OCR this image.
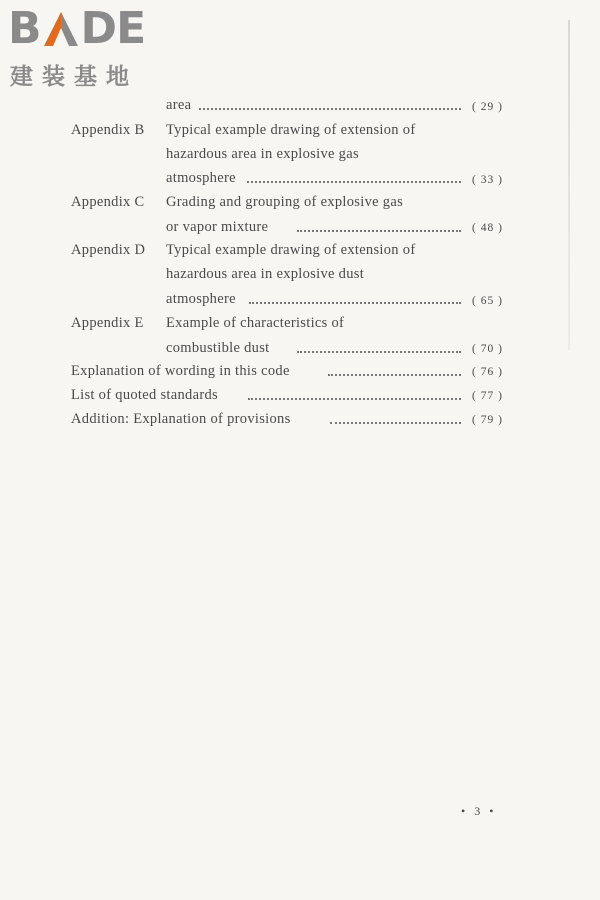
B DE
建装基地
area	( 29 )
Appendix B Typical example drawing of extension of
hazardous area in explosive gas
atmosphere	( 33 )
Appendix C Grading and grouping of explosive gas
or vapor mixture	( 48 )
Appendix D Typical example drawing of extension of
hazardous area in explosive dust
atmosphere	( 65 )
Appendix E Example of characteristics of
combustible dust	( 70 )
Explanation of wording in this code	( 76 )
List of quoted standards	( 77 )
Addition: Explanation of provisions	( 79 )
• 3 •
